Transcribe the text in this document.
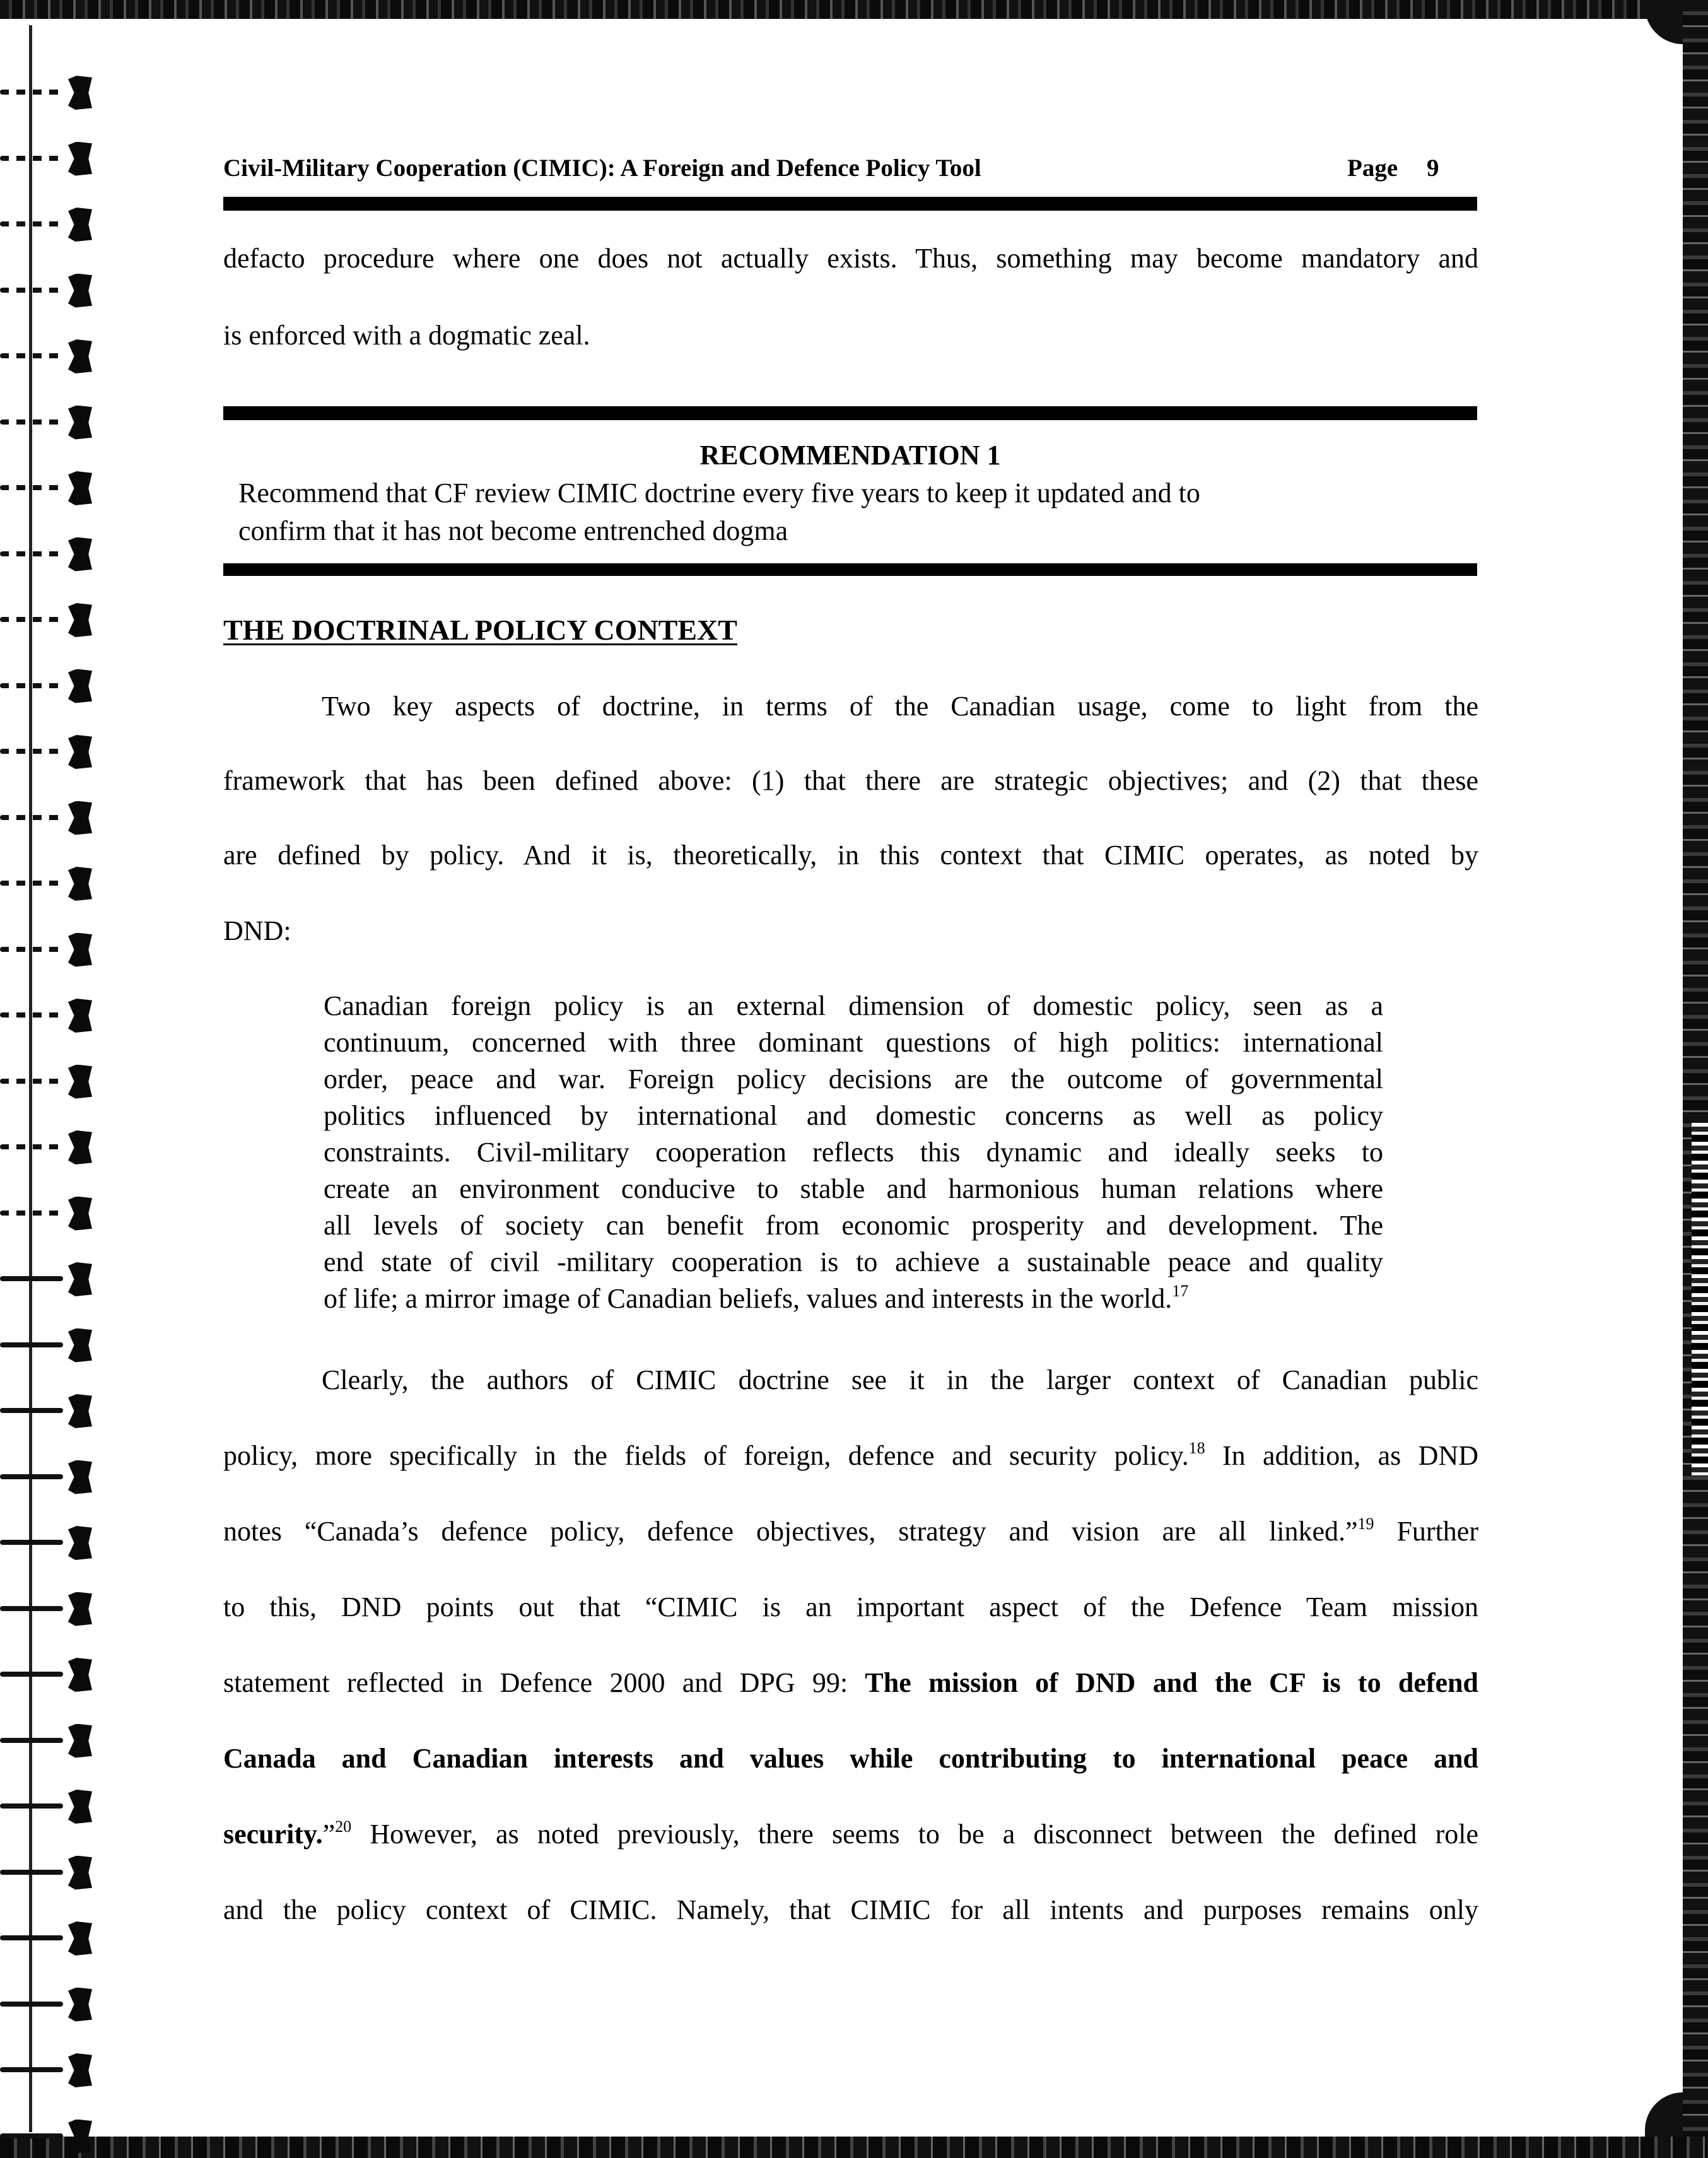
Civil-Military Cooperation (CIMIC): A Foreign and Defence Policy Tool	Page 9
defacto procedure where one does not actually exists. Thus, something may become mandatory and
is enforced with a dogmatic zeal.
RECOMMENDATION 1
Recommend that CF review CIMIC doctrine every five years to keep it updated and to
confirm that it has not become entrenched dogma
THE DOCTRINAL POLICY CONTEXT
Two key aspects of doctrine, in terms of the Canadian usage, come to light from the
framework that has been defined above: (1) that there are strategic objectives; and (2) that these
are defined by policy. And it is, theoretically, in this context that CIMIC operates, as noted by
DND:
Canadian foreign policy is an external dimension of domestic policy, seen as a
continuum, concerned with three dominant questions of high politics: international
order, peace and war. Foreign policy decisions are the outcome of governmental
politics influenced by international and domestic concerns as well as policy
constraints. Civil-military cooperation reflects this dynamic and ideally seeks to
create an environment conducive to stable and harmonious human relations where
all levels of society can benefit from economic prosperity and development. The
end state of civil -military cooperation is to achieve a sustainable peace and quality
of life; a mirror image of Canadian beliefs, values and interests in the world.$^{17}$
Clearly, the authors of CIMIC doctrine see it in the larger context of Canadian public
policy, more specifically in the fields of foreign, defence and security policy.$^{18}$ In addition, as DND
notes “Canada’s defence policy, defence objectives, strategy and vision are all linked.”$^{19}$ Further
to this, DND points out that “CIMIC is an important aspect of the Defence Team mission
statement reflected in Defence 2000 and DPG 99: The mission of DND and the CF is to defend
Canada and Canadian interests and values while contributing to international peace and
security.”$^{20}$ However, as noted previously, there seems to be a disconnect between the defined role
and the policy context of CIMIC. Namely, that CIMIC for all intents and purposes remains only
